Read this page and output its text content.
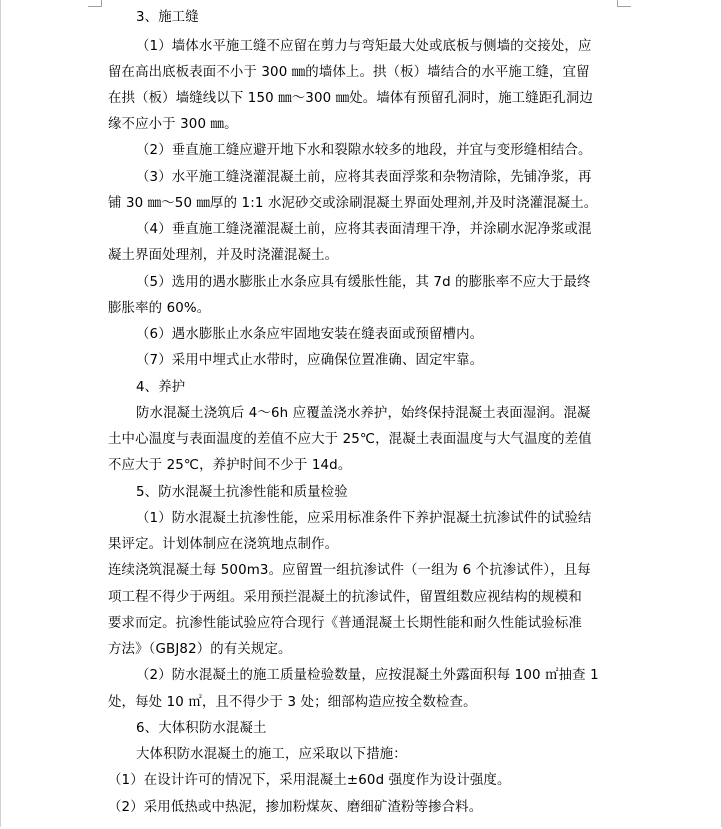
3、施工缝
（1）墙体水平施工缝不应留在剪力与弯矩最大处或底板与侧墙的交接处，应
留在高出底板表面不小于 300 ㎜的墙体上。拱（板）墙结合的水平施工缝，宜留
在拱（板）墙缝线以下 150 ㎜～300 ㎜处。墙体有预留孔洞时，施工缝距孔洞边
缘不应小于 300 ㎜。
（2）垂直施工缝应避开地下水和裂隙水较多的地段，并宜与变形缝相结合。
（3）水平施工缝浇灌混凝土前，应将其表面浮浆和杂物清除，先铺净浆，再
铺 30 ㎜～50 ㎜厚的 1:1 水泥砂交或涂刷混凝土界面处理剂,并及时浇灌混凝土。
（4）垂直施工缝浇灌混凝土前，应将其表面清理干净，并涂刷水泥净浆或混
凝土界面处理剂，并及时浇灌混凝土。
（5）选用的遇水膨胀止水条应具有缓胀性能，其 7d 的膨胀率不应大于最终
膨胀率的 60%。
（6）遇水膨胀止水条应牢固地安装在缝表面或预留槽内。
（7）采用中埋式止水带时，应确保位置准确、固定牢靠。
4、养护
防水混凝土浇筑后 4～6h 应覆盖浇水养护，始终保持混凝土表面湿润。混凝
土中心温度与表面温度的差值不应大于 25℃，混凝土表面温度与大气温度的差值
不应大于 25℃，养护时间不少于 14d。
5、防水混凝土抗渗性能和质量检验
（1）防水混凝土抗渗性能，应采用标准条件下养护混凝土抗渗试件的试验结
果评定。计划体制应在浇筑地点制作。
连续浇筑混凝土每 500m3。应留置一组抗渗试件（一组为 6 个抗渗试件），且每
项工程不得少于两组。采用预拦混凝土的抗渗试件，留置组数应视结构的规模和
要求而定。抗渗性能试验应符合现行《普通混凝土长期性能和耐久性能试验标准
方法》（GBJ82）的有关规定。
（2）防水混凝土的施工质量检验数量，应按混凝土外露面积每 100 ㎡抽查 1
处，每处 10 ㎡，且不得少于 3 处；细部构造应按全数检查。
6、大体积防水混凝土
大体积防水混凝土的施工，应采取以下措施：
（1）在设计许可的情况下，采用混凝土±60d 强度作为设计强度。
（2）采用低热或中热泥，掺加粉煤灰、磨细矿渣粉等掺合料。
